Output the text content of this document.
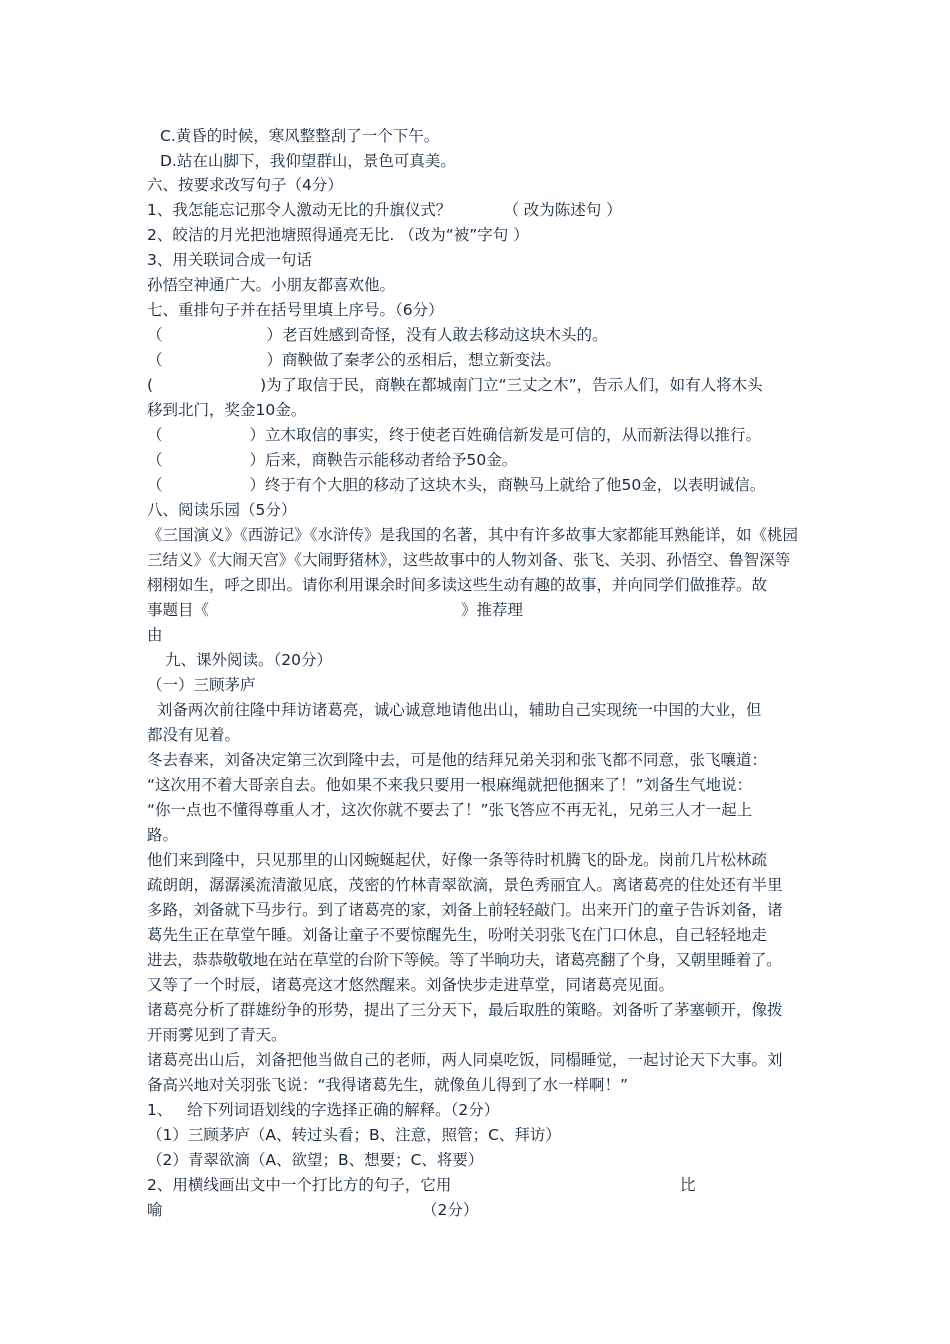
C.黄昏的时候，寒风整整刮了一个下午。
D.站在山脚下，我仰望群山，景色可真美。
六、按要求改写句子（4分）
1、我怎能忘记那令人激动无比的升旗仪式？	（ 改为陈述句 ）
2、皎洁的月光把池塘照得通亮无比. （改为“被”字句 ）
3、用关联词合成一句话
孙悟空神通广大。小朋友都喜欢他。
七、重排句子并在括号里填上序号。（6分）
（	）老百姓感到奇怪，没有人敢去移动这块木头的。
（	）商鞅做了秦孝公的丞相后，想立新变法。
(	)为了取信于民，商鞅在都城南门立“三丈之木”，告示人们，如有人将木头
移到北门，奖金10金。
（	）立木取信的事实，终于使老百姓确信新发是可信的，从而新法得以推行。
（	）后来，商鞅告示能移动者给予50金。
（	）终于有个大胆的移动了这块木头，商鞅马上就给了他50金，以表明诚信。
八、阅读乐园（5分）
《三国演义》《西游记》《水浒传》是我国的名著，其中有许多故事大家都能耳熟能详，如《桃园
三结义》《大闹天宫》《大闹野猪林》，这些故事中的人物刘备、张飞、关羽、孙悟空、鲁智深等
栩栩如生，呼之即出。请你利用课余时间多读这些生动有趣的故事，并向同学们做推荐。故
事题目《	》推荐理
由
九、课外阅读。（20分）
（一）三顾茅庐
刘备两次前往隆中拜访诸葛亮，诚心诚意地请他出山，辅助自己实现统一中国的大业，但
都没有见着。
冬去春来，刘备决定第三次到隆中去，可是他的结拜兄弟关羽和张飞都不同意，张飞嚷道：
“这次用不着大哥亲自去。他如果不来我只要用一根麻绳就把他捆来了！”刘备生气地说：
“你一点也不懂得尊重人才，这次你就不要去了！”张飞答应不再无礼，兄弟三人才一起上
路。
他们来到隆中，只见那里的山冈蜿蜒起伏，好像一条等待时机腾飞的卧龙。岗前几片松林疏
疏朗朗，潺潺溪流清澈见底，茂密的竹林青翠欲滴，景色秀丽宜人。离诸葛亮的住处还有半里
多路，刘备就下马步行。到了诸葛亮的家，刘备上前轻轻敲门。出来开门的童子告诉刘备，诸
葛先生正在草堂午睡。刘备让童子不要惊醒先生，吩咐关羽张飞在门口休息，自己轻轻地走
进去，恭恭敬敬地在站在草堂的台阶下等候。等了半晌功夫，诸葛亮翻了个身，又朝里睡着了。
又等了一个时辰，诸葛亮这才悠然醒来。刘备快步走进草堂，同诸葛亮见面。
诸葛亮分析了群雄纷争的形势，提出了三分天下，最后取胜的策略。刘备听了茅塞顿开，像拨
开雨雾见到了青天。
诸葛亮出山后，刘备把他当做自己的老师，两人同桌吃饭，同榻睡觉，一起讨论天下大事。刘
备高兴地对关羽张飞说：“我得诸葛先生，就像鱼儿得到了水一样啊！”
1、   给下列词语划线的字选择正确的解释。（2分）
（1）三顾茅庐（A、转过头看；B、注意，照管；C、拜访）
（2）青翠欲滴（A、欲望；B、想要；C、将要）
2、用横线画出文中一个打比方的句子，它用	比
喻	（2分）
